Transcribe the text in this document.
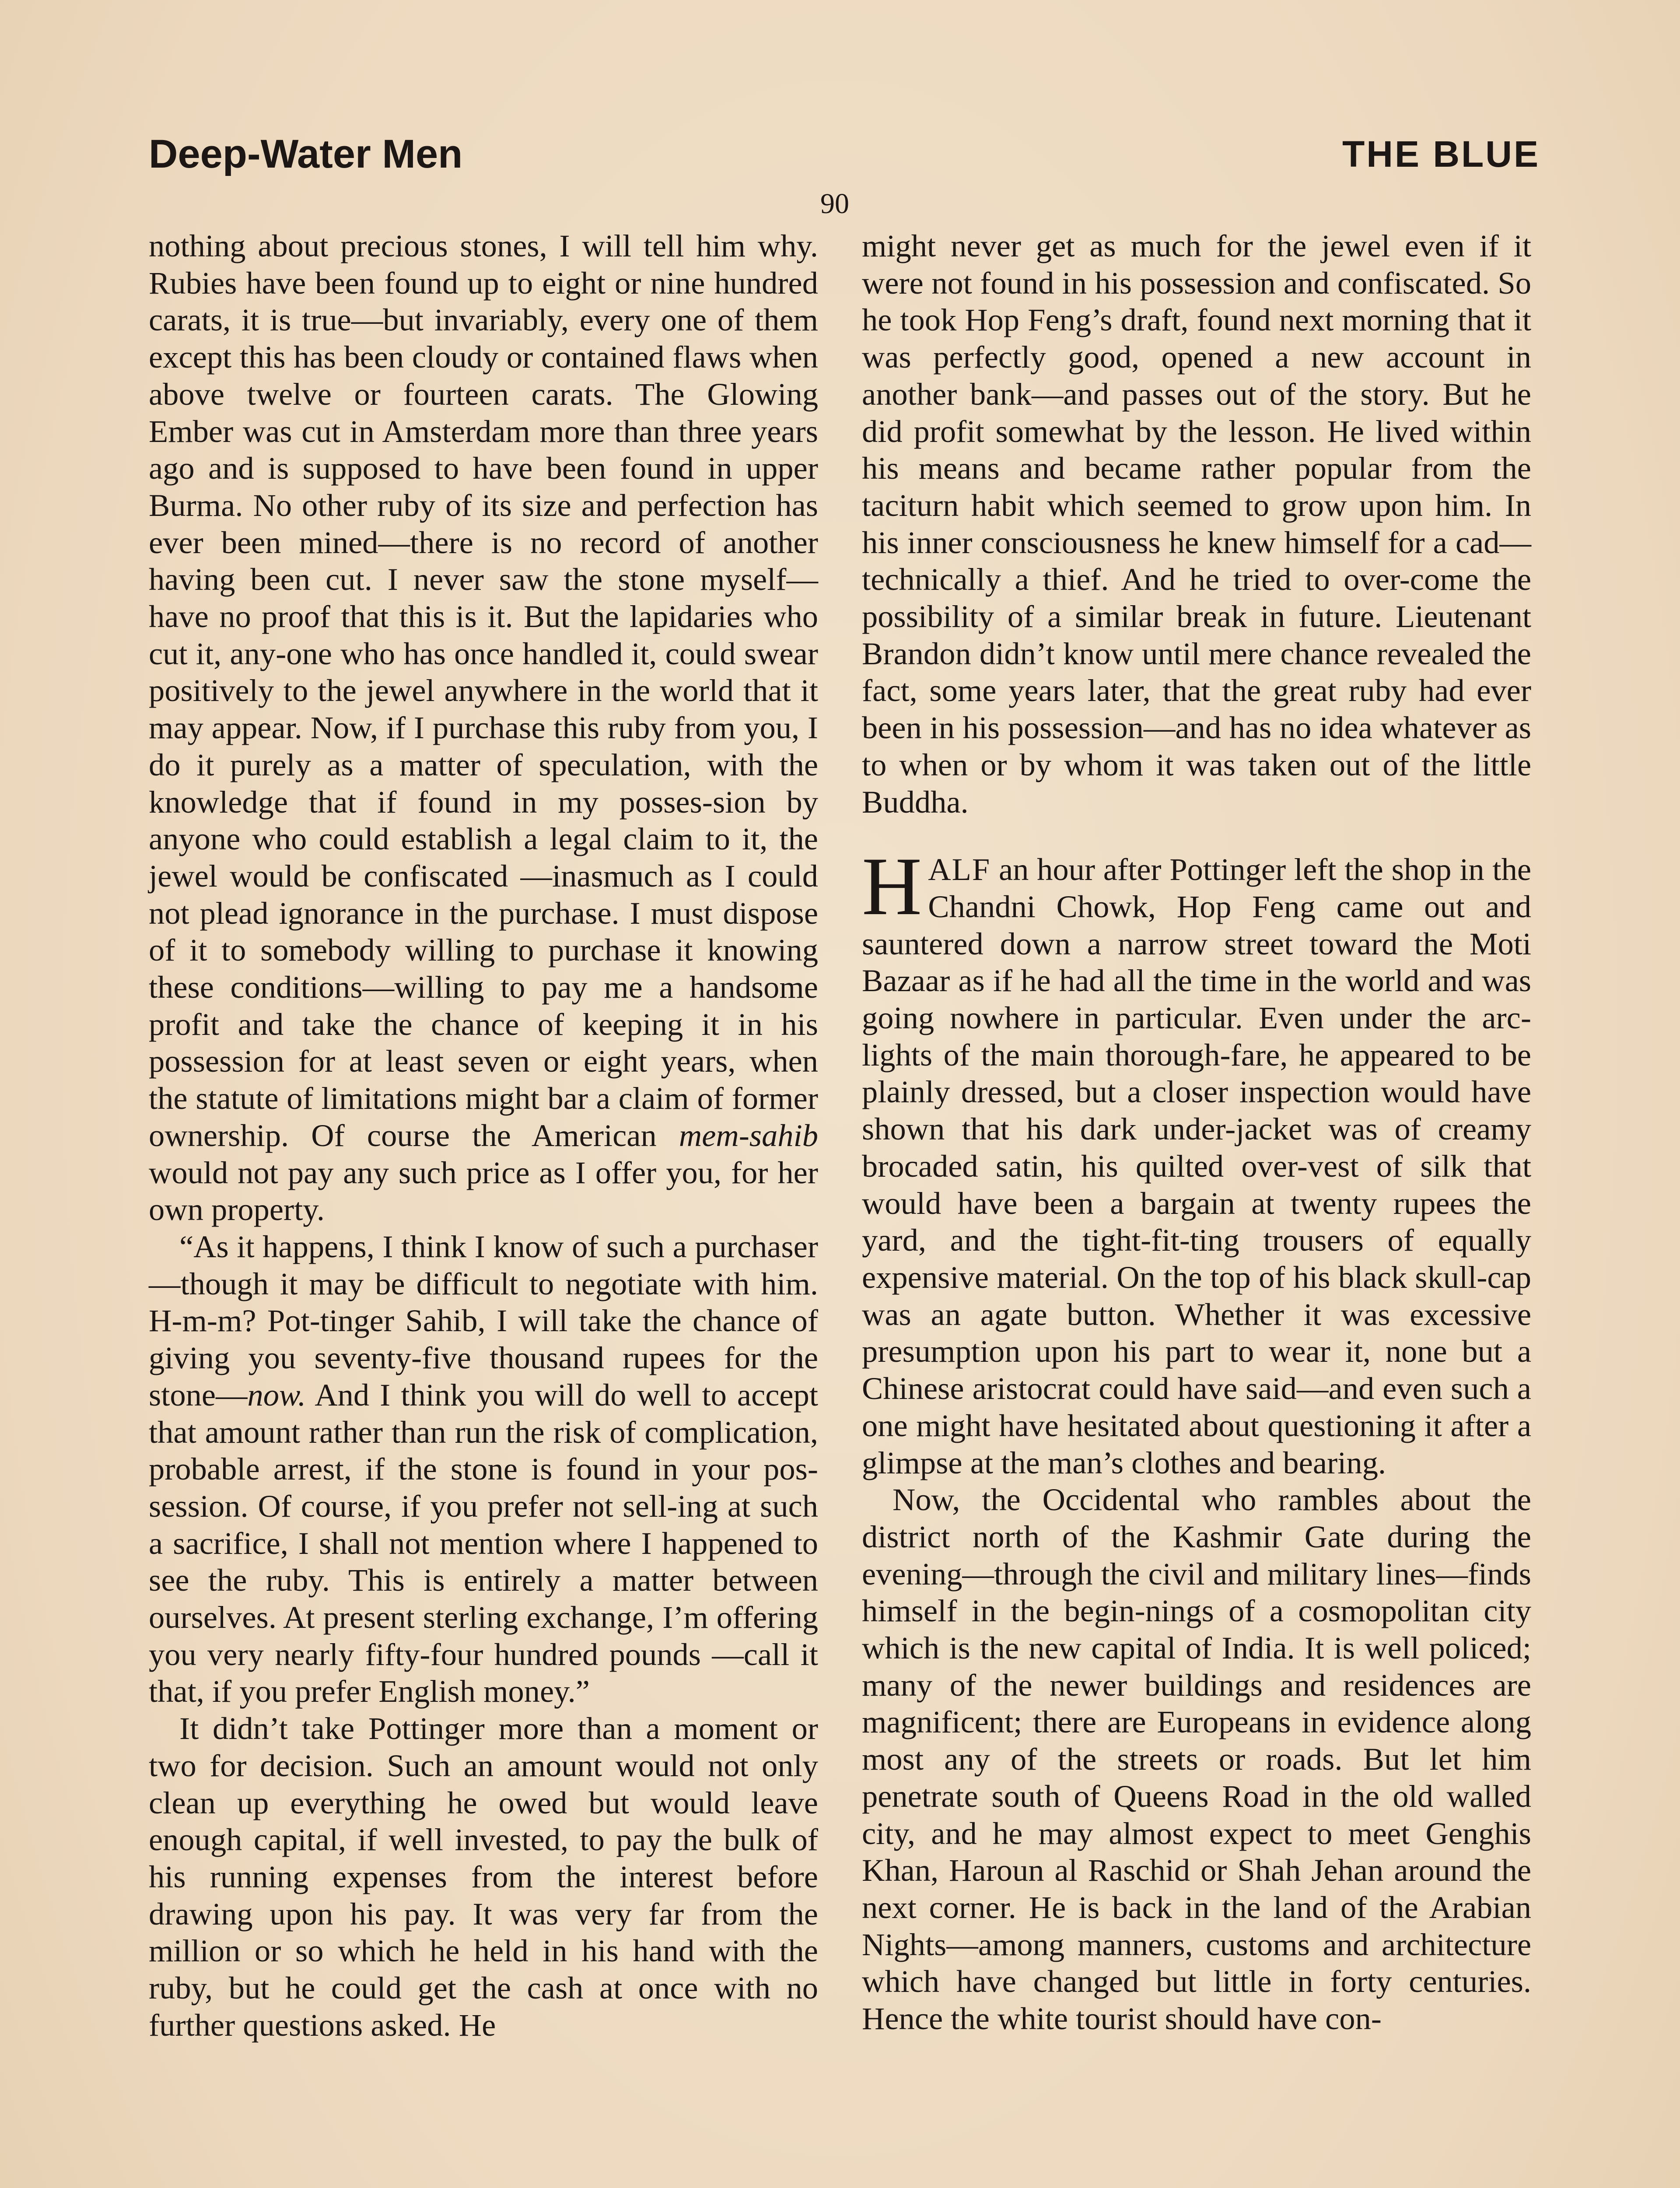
Deep-Water Men	THE BLUE
90

nothing about precious stones, I will tell him why. Rubies have been found up to eight or nine hundred carats, it is true—but invariably, every one of them except this has been cloudy or contained flaws when above twelve or fourteen carats. The Glowing Ember was cut in Amsterdam more than three years ago and is supposed to have been found in upper Burma. No other ruby of its size and perfection has ever been mined—there is no record of another having been cut. I never saw the stone myself—have no proof that this is it. But the lapidaries who cut it, any-one who has once handled it, could swear positively to the jewel anywhere in the world that it may appear. Now, if I purchase this ruby from you, I do it purely as a matter of speculation, with the knowledge that if found in my posses-sion by anyone who could establish a legal claim to it, the jewel would be confiscated —inasmuch as I could not plead ignorance in the purchase. I must dispose of it to somebody willing to purchase it knowing these conditions—willing to pay me a handsome profit and take the chance of keeping it in his possession for at least seven or eight years, when the statute of limitations might bar a claim of former ownership. Of course the American mem-sahib would not pay any such price as I offer you, for her own property.

“As it happens, I think I know of such a purchaser—though it may be difficult to negotiate with him. H-m-m? Pot-tinger Sahib, I will take the chance of giving you seventy-five thousand rupees for the stone—now. And I think you will do well to accept that amount rather than run the risk of complication, probable arrest, if the stone is found in your pos-session. Of course, if you prefer not sell-ing at such a sacrifice, I shall not mention where I happened to see the ruby. This is entirely a matter between ourselves. At present sterling exchange, I’m offering you very nearly fifty-four hundred pounds —call it that, if you prefer English money.”

It didn’t take Pottinger more than a moment or two for decision. Such an amount would not only clean up everything he owed but would leave enough capital, if well invested, to pay the bulk of his running expenses from the interest before drawing upon his pay. It was very far from the million or so which he held in his hand with the ruby, but he could get the cash at once with no further questions asked. He

might never get as much for the jewel even if it were not found in his possession and confiscated. So he took Hop Feng’s draft, found next morning that it was perfectly good, opened a new account in another bank—and passes out of the story. But he did profit somewhat by the lesson. He lived within his means and became rather popular from the taciturn habit which seemed to grow upon him. In his inner consciousness he knew himself for a cad—technically a thief. And he tried to over-come the possibility of a similar break in future. Lieutenant Brandon didn’t know until mere chance revealed the fact, some years later, that the great ruby had ever been in his possession—and has no idea whatever as to when or by whom it was taken out of the little Buddha.

HALF an hour after Pottinger left the shop in the Chandni Chowk, Hop Feng came out and sauntered down a narrow street toward the Moti Bazaar as if he had all the time in the world and was going nowhere in particular. Even under the arc-lights of the main thorough-fare, he appeared to be plainly dressed, but a closer inspection would have shown that his dark under-jacket was of creamy brocaded satin, his quilted over-vest of silk that would have been a bargain at twenty rupees the yard, and the tight-fit-ting trousers of equally expensive material. On the top of his black skull-cap was an agate button. Whether it was excessive presumption upon his part to wear it, none but a Chinese aristocrat could have said—and even such a one might have hesitated about questioning it after a glimpse at the man’s clothes and bearing.

Now, the Occidental who rambles about the district north of the Kashmir Gate during the evening—through the civil and military lines—finds himself in the begin-nings of a cosmopolitan city which is the new capital of India. It is well policed; many of the newer buildings and residences are magnificent; there are Europeans in evidence along most any of the streets or roads. But let him penetrate south of Queens Road in the old walled city, and he may almost expect to meet Genghis Khan, Haroun al Raschid or Shah Jehan around the next corner. He is back in the land of the Arabian Nights—among manners, customs and architecture which have changed but little in forty centuries. Hence the white tourist should have con-
